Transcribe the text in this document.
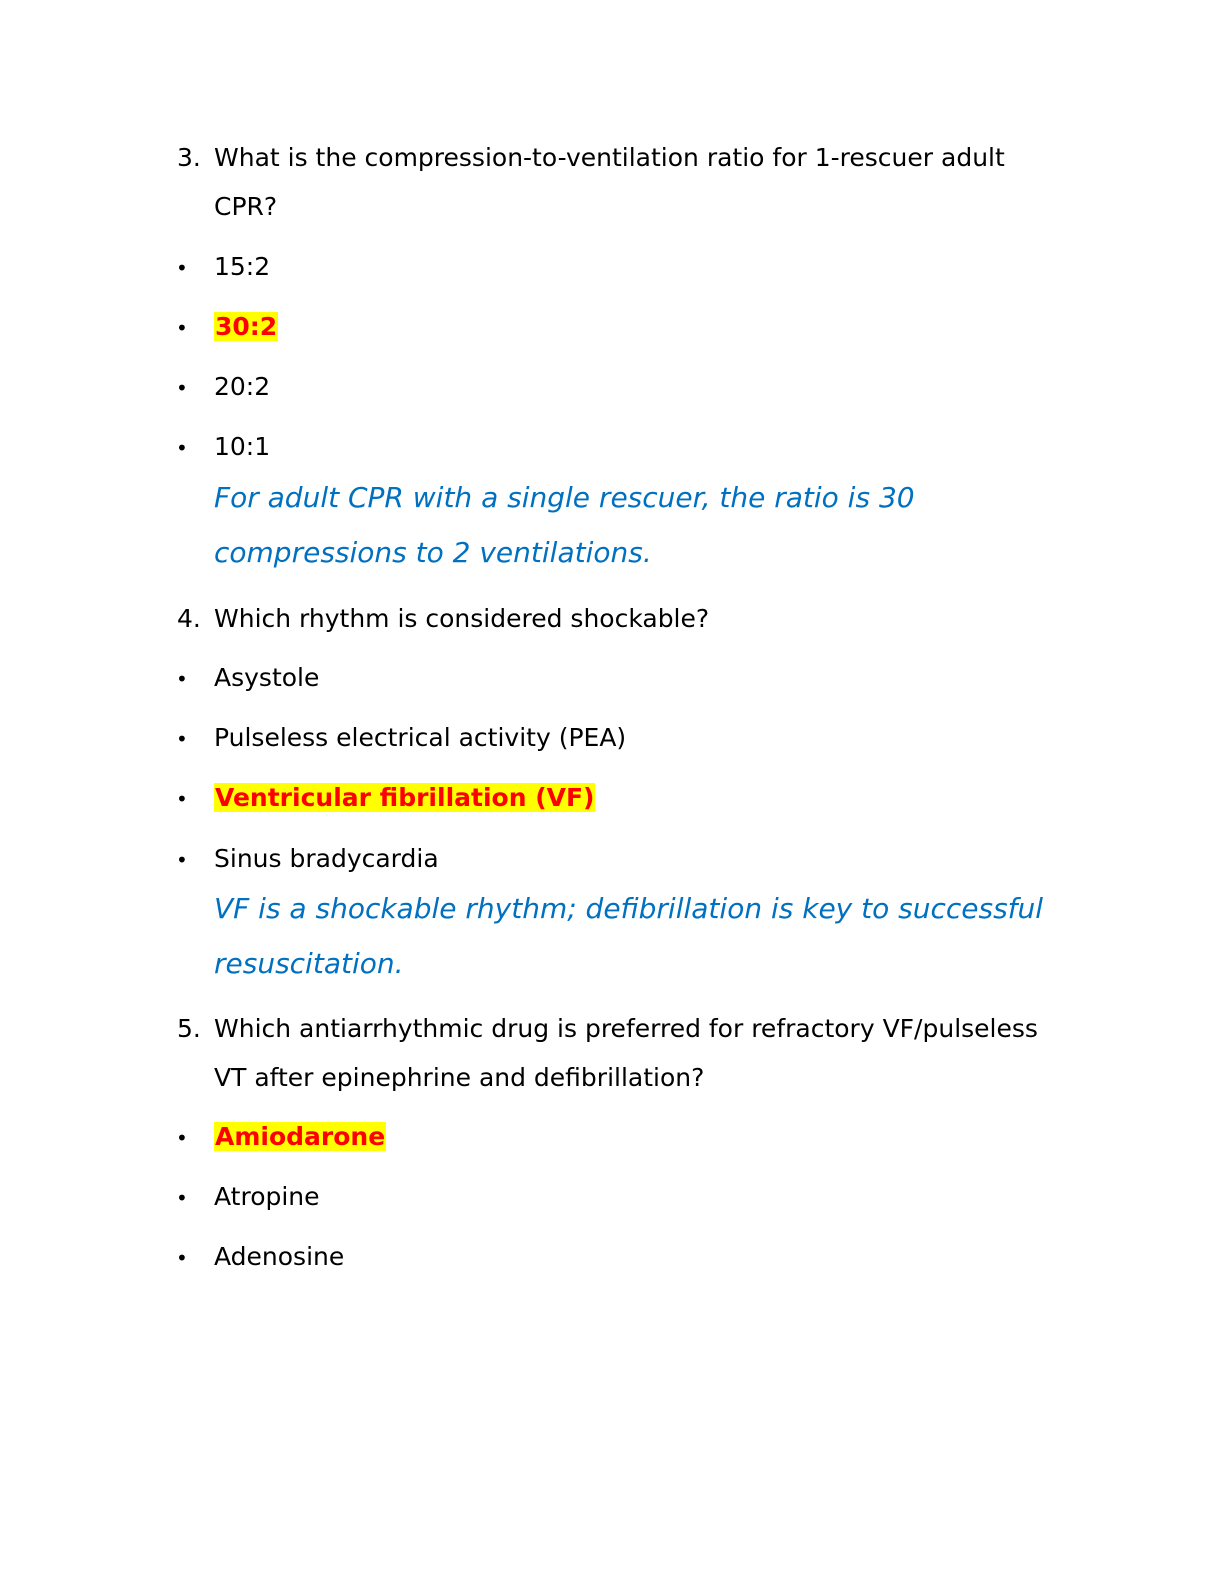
3. What is the compression-to-ventilation ratio for 1-rescuer adult
CPR?
• 15:2
• 30:2
• 20:2
• 10:1
For adult CPR with a single rescuer, the ratio is 30
compressions to 2 ventilations.
4. Which rhythm is considered shockable?
• Asystole
• Pulseless electrical activity (PEA)
• Ventricular fibrillation (VF)
• Sinus bradycardia
VF is a shockable rhythm; defibrillation is key to successful
resuscitation.
5. Which antiarrhythmic drug is preferred for refractory VF/pulseless
VT after epinephrine and defibrillation?
• Amiodarone
• Atropine
• Adenosine
